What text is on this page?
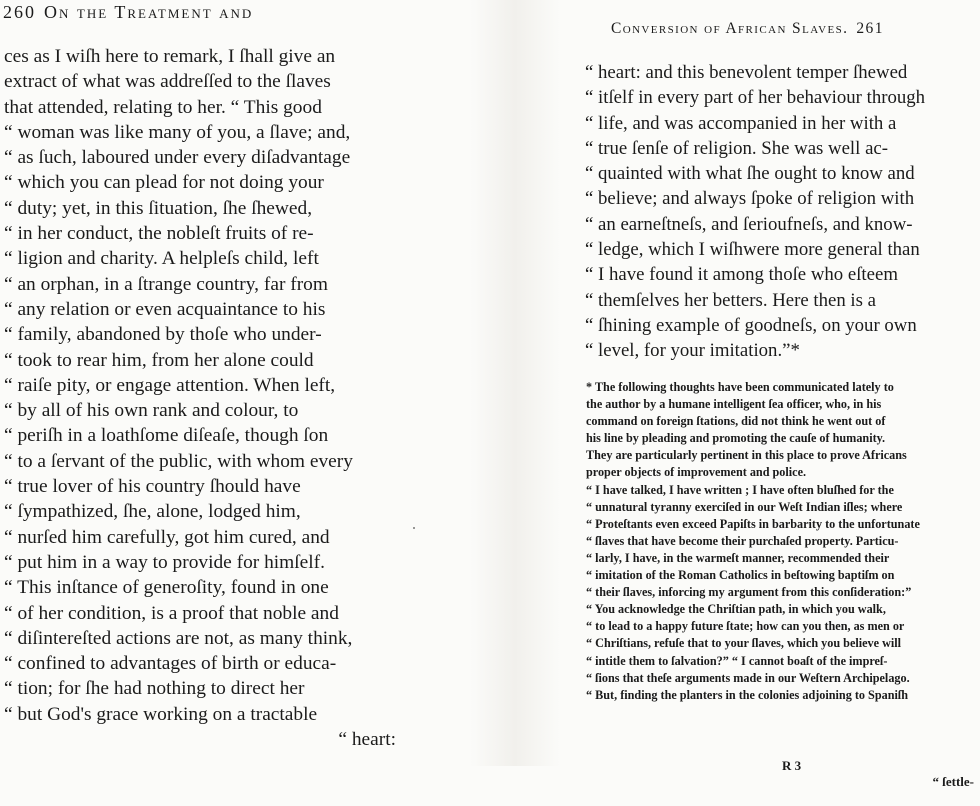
260 On the Treatment and
ces as I wiſh here to remark, I ſhall give an
extract of what was addreſſed to the ſlaves
that attended, relating to her. “ This good
“ woman was like many of you, a ſlave; and,
“ as ſuch, laboured under every diſadvantage
“ which you can plead for not doing your
“ duty; yet, in this ſituation, ſhe ſhewed,
“ in her conduct, the nobleſt fruits of re-
“ ligion and charity. A helpleſs child, left
“ an orphan, in a ſtrange country, far from
“ any relation or even acquaintance to his
“ family, abandoned by thoſe who under-
“ took to rear him, from her alone could
“ raiſe pity, or engage attention. When left,
“ by all of his own rank and colour, to
“ periſh in a loathſome diſeaſe, though ſon
“ to a ſervant of the public, with whom every
“ true lover of his country ſhould have
“ ſympathized, ſhe, alone, lodged him,
“ nurſed him carefully, got him cured, and
“ put him in a way to provide for himſelf.
“ This inſtance of generoſity, found in one
“ of her condition, is a proof that noble and
“ diſintereſted actions are not, as many think,
“ confined to advantages of birth or educa-
“ tion; for ſhe had nothing to direct her
“ but God's grace working on a tractable
“ heart:
Conversion of African Slaves. 261
“ heart: and this benevolent temper ſhewed
“ itſelf in every part of her behaviour through
“ life, and was accompanied in her with a
“ true ſenſe of religion. She was well ac-
“ quainted with what ſhe ought to know and
“ believe; and always ſpoke of religion with
“ an earneſtneſs, and ſerioufneſs, and know-
“ ledge, which I wiſhwere more general than
“ I have found it among thoſe who eſteem
“ themſelves her betters. Here then is a
“ ſhining example of goodneſs, on your own
“ level, for your imitation.”*
* The following thoughts have been communicated lately to
the author by a humane intelligent ſea officer, who, in his
command on foreign ſtations, did not think he went out of
his line by pleading and promoting the cauſe of humanity.
They are particularly pertinent in this place to prove Africans
proper objects of improvement and police.
“ I have talked, I have written ; I have often bluſhed for the
“ unnatural tyranny exerciſed in our Weſt Indian iſles; where
“ Proteſtants even exceed Papiſts in barbarity to the unfortunate
“ ſlaves that have become their purchaſed property. Particu-
“ larly, I have, in the warmeſt manner, recommended their
“ imitation of the Roman Catholics in beſtowing baptiſm on
“ their ſlaves, inforcing my argument from this conſideration:”
“ You acknowledge the Chriſtian path, in which you walk,
“ to lead to a happy future ſtate; how can you then, as men or
“ Chriſtians, refuſe that to your ſlaves, which you believe will
“ intitle them to ſalvation?” “ I cannot boaſt of the impreſ-
“ ſions that theſe arguments made in our Weſtern Archipelago.
“ But, finding the planters in the colonies adjoining to Spaniſh

R 3

“ ſettle-
